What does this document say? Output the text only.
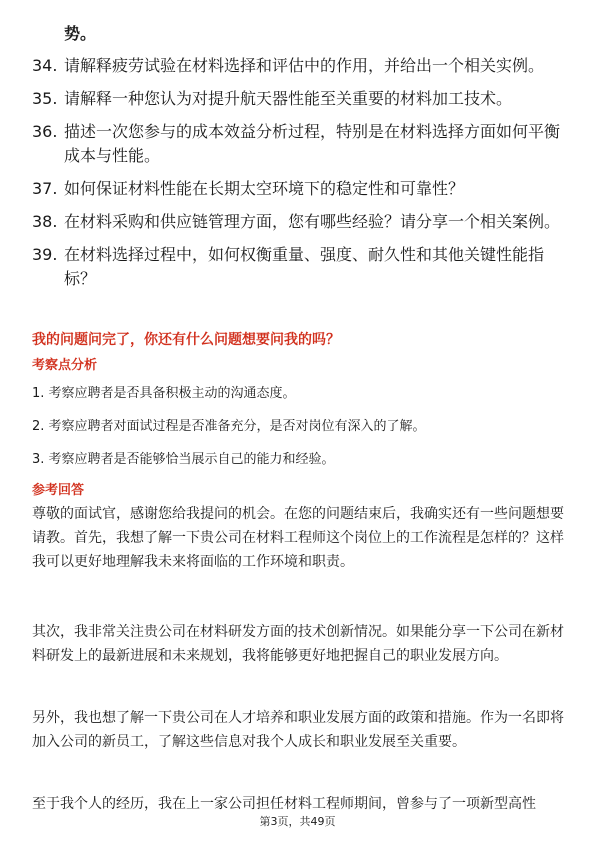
势。
34. 请解释疲劳试验在材料选择和评估中的作用，并给出一个相关实例。
35. 请解释一种您认为对提升航天器性能至关重要的材料加工技术。
36. 描述一次您参与的成本效益分析过程，特别是在材料选择方面如何平衡成本与性能。
37. 如何保证材料性能在长期太空环境下的稳定性和可靠性？
38. 在材料采购和供应链管理方面，您有哪些经验？请分享一个相关案例。
39. 在材料选择过程中，如何权衡重量、强度、耐久性和其他关键性能指标？
我的问题问完了，你还有什么问题想要问我的吗？
考察点分析
1. 考察应聘者是否具备积极主动的沟通态度。
2. 考察应聘者对面试过程是否准备充分，是否对岗位有深入的了解。
3. 考察应聘者是否能够恰当展示自己的能力和经验。
参考回答
尊敬的面试官，感谢您给我提问的机会。在您的问题结束后，我确实还有一些问题想要请教。首先，我想了解一下贵公司在材料工程师这个岗位上的工作流程是怎样的？这样我可以更好地理解我未来将面临的工作环境和职责。
其次，我非常关注贵公司在材料研发方面的技术创新情况。如果能分享一下公司在新材料研发上的最新进展和未来规划，我将能够更好地把握自己的职业发展方向。
另外，我也想了解一下贵公司在人才培养和职业发展方面的政策和措施。作为一名即将加入公司的新员工，了解这些信息对我个人成长和职业发展至关重要。
至于我个人的经历，我在上一家公司担任材料工程师期间，曾参与了一项新型高性
第3页，共49页
